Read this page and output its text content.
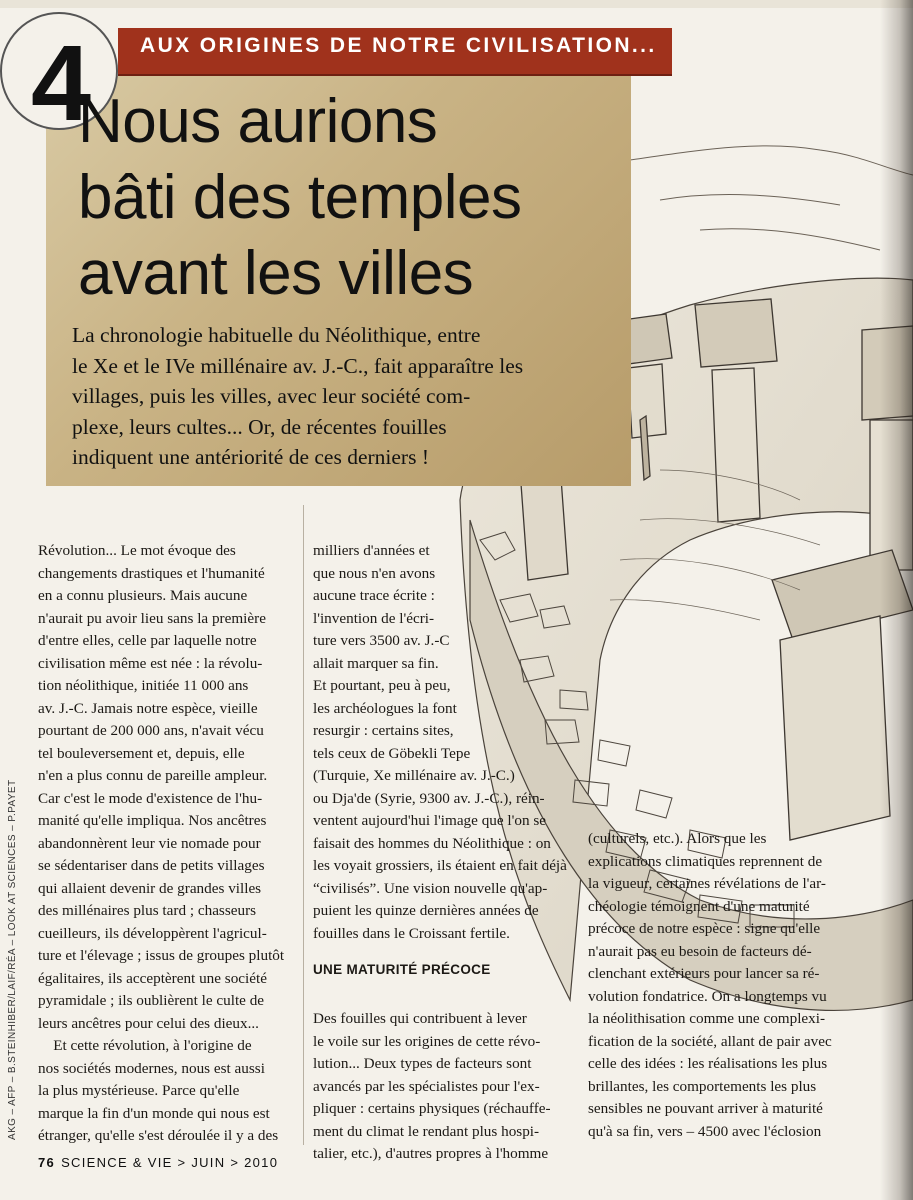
AUX ORIGINES DE NOTRE CIVILISATION...
4
Nous aurions
bâti des temples
avant les villes
La chronologie habituelle du Néolithique, entre
le Xe et le IVe millénaire av. J.-C., fait apparaître les
villages, puis les villes, avec leur société com-
plexe, leurs cultes... Or, de récentes fouilles
indiquent une antériorité de ces derniers !
Révolution... Le mot évoque des
changements drastiques et l'humanité
en a connu plusieurs. Mais aucune
n'aurait pu avoir lieu sans la première
d'entre elles, celle par laquelle notre
civilisation même est née : la révolu-
tion néolithique, initiée 11 000 ans
av. J.-C. Jamais notre espèce, vieille
pourtant de 200 000 ans, n'avait vécu
tel bouleversement et, depuis, elle
n'en a plus connu de pareille ampleur.
Car c'est le mode d'existence de l'hu-
manité qu'elle impliqua. Nos ancêtres
abandonnèrent leur vie nomade pour
se sédentariser dans de petits villages
qui allaient devenir de grandes villes
des millénaires plus tard ; chasseurs
cueilleurs, ils développèrent l'agricul-
ture et l'élevage ; issus de groupes plutôt
égalitaires, ils acceptèrent une société
pyramidale ; ils oublièrent le culte de
leurs ancêtres pour celui des dieux...
Et cette révolution, à l'origine de
nos sociétés modernes, nous est aussi
la plus mystérieuse. Parce qu'elle
marque la fin d'un monde qui nous est
étranger, qu'elle s'est déroulée il y a des
milliers d'années et
que nous n'en avons
aucune trace écrite :
l'invention de l'écri-
ture vers 3500 av. J.-C
allait marquer sa fin.
Et pourtant, peu à peu,
les archéologues la font
resurgir : certains sites,
tels ceux de Göbekli Tepe
(Turquie, Xe millénaire av. J.-C.)
ou Dja'de (Syrie, 9300 av. J.-C.), réin-
ventent aujourd'hui l'image que l'on se
faisait des hommes du Néolithique : on
les voyait grossiers, ils étaient en fait déjà
“civilisés”. Une vision nouvelle qu'ap-
puient les quinze dernières années de
fouilles dans le Croissant fertile.
UNE MATURITÉ PRÉCOCE
Des fouilles qui contribuent à lever
le voile sur les origines de cette révo-
lution... Deux types de facteurs sont
avancés par les spécialistes pour l'ex-
pliquer : certains physiques (réchauffe-
ment du climat le rendant plus hospi-
talier, etc.), d'autres propres à l'homme
(culturels, etc.). Alors que les
explications climatiques reprennent de
la vigueur, certaines révélations de l'ar-
chéologie témoignent d'une maturité
précoce de notre espèce : signe qu'elle
n'aurait pas eu besoin de facteurs dé-
clenchant extérieurs pour lancer sa ré-
volution fondatrice. On a longtemps vu
la néolithisation comme une complexi-
fication de la société, allant de pair avec
celle des idées : les réalisations les plus
brillantes, les comportements les plus
sensibles ne pouvant arriver à maturité
qu'à sa fin, vers – 4500 avec l'éclosion
AKG – AFP – B.STEINHIBER/LAIF/RÉA – LOOK AT SCIENCES – P.PAYET
76 SCIENCE & VIE > JUIN > 2010
